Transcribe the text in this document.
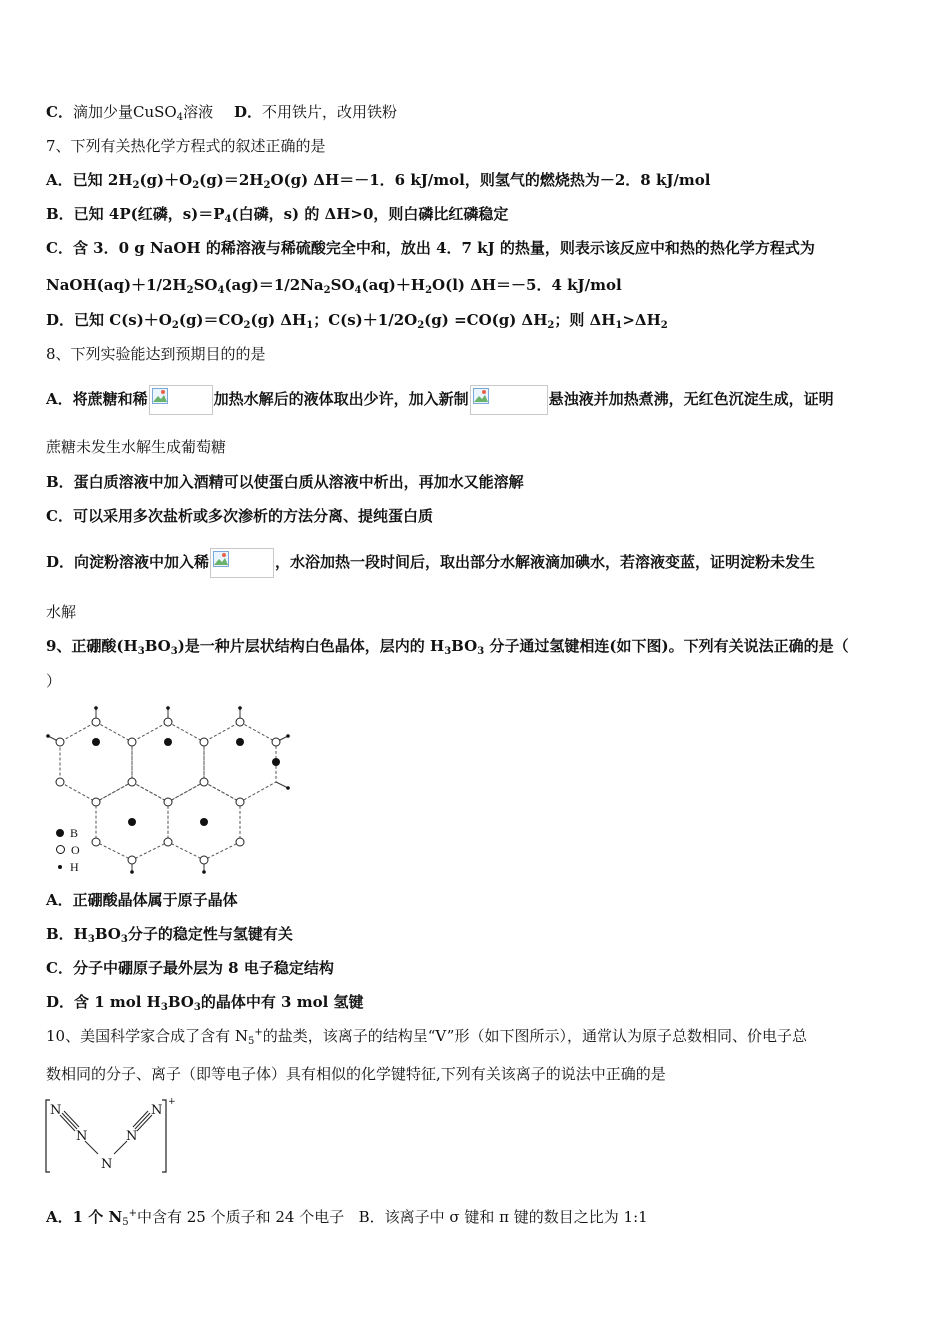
C．滴加少量CuSO$_4$溶液 D．不用铁片，改用铁粉
7、下列有关热化学方程式的叙述正确的是
A．已知 $2H_2(g)+O_2(g)=2H_2O(g)$ ΔH＝－1．6 kJ/mol，则氢气的燃烧热为－2．8 kJ/mol
B．已知 4P(红磷，$s)=P_4$(白磷，s) 的 ΔH>0，则白磷比红磷稳定
C．含 3．0 g NaOH 的稀溶液与稀硫酸完全中和，放出 4．7 kJ 的热量，则表示该反应中和热的热化学方程式为
$NaOH(aq)+1/2H_2SO_4(ag)=1/2Na_2SO_4(aq)+H_2O(l)$ ΔH＝－5．4 kJ/mol
D．已知 $C(s)+O_2(g)=CO_2(g)$ $\Delta H_1$；$C(s)+1/2O_2(g) =CO(g)$ $\Delta H_2$；则 $\Delta H_1>\Delta H_2$
8、下列实验能达到预期目的的是
A．将蔗糖和稀	加热水解后的液体取出少许，加入新制	悬浊液并加热煮沸，无红色沉淀生成，证明
蔗糖未发生水解生成葡萄糖
B．蛋白质溶液中加入酒精可以使蛋白质从溶液中析出，再加水又能溶解
C．可以采用多次盐析或多次渗析的方法分离、提纯蛋白质
D．向淀粉溶液中加入稀	，水浴加热一段时间后，取出部分水解液滴加碘水，若溶液变蓝，证明淀粉未发生
水解
9、正硼酸$(H_3BO_3)$是一种片层状结构白色晶体，层内的 $H_3BO_3$ 分子通过氢键相连(如下图)。下列有关说法正确的是（
）
B
O
H
A．正硼酸晶体属于原子晶体
B．$H_3BO_3$分子的稳定性与氢键有关
C．分子中硼原子最外层为 8 电子稳定结构
D．含 1 mol $H_3BO_3$的晶体中有 3 mol 氢键
10、美国科学家合成了含有 $N_5^+$的盐类，该离子的结构呈“V”形（如下图所示），通常认为原子总数相同、价电子总
数相同的分子、离子（即等电子体）具有相似的化学键特征,下列有关该离子的说法中正确的是
N
N
N
N
N
+
A．1 个 $N_5^+$中含有 25 个质子和 24 个电子 B．该离子中 σ 键和 π 键的数目之比为 1:1
